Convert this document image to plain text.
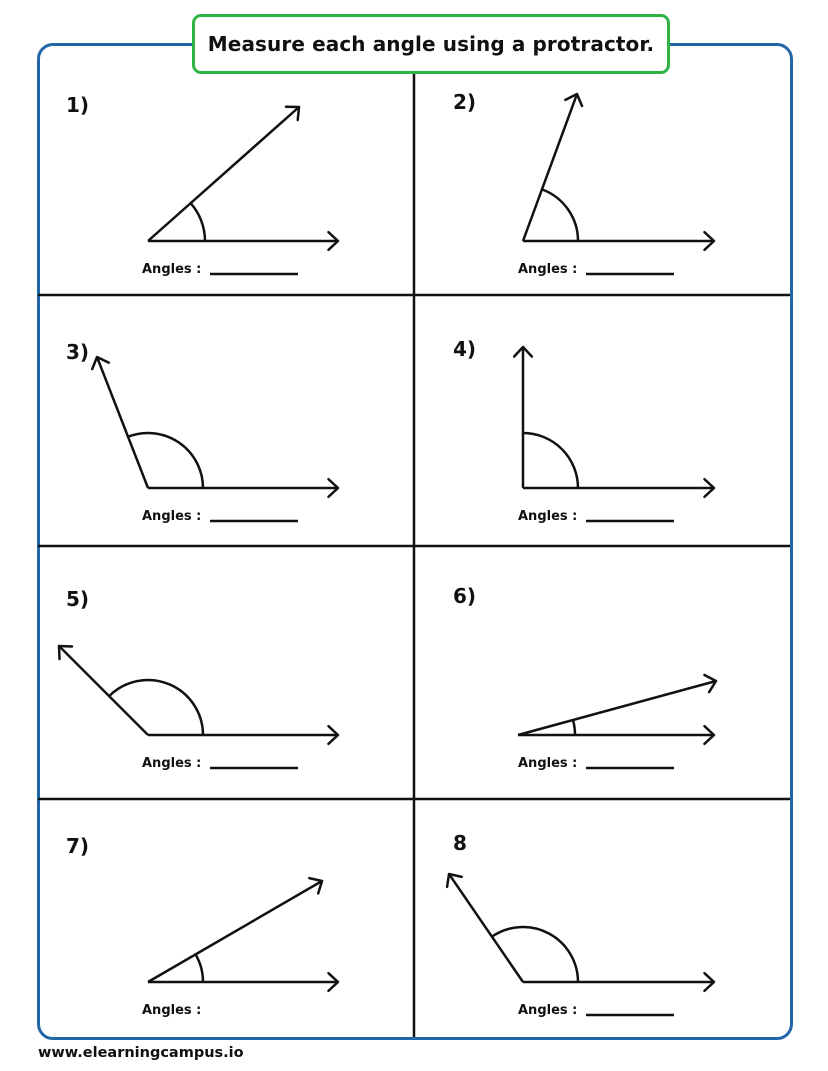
Measure each angle using a protractor.
1)
Angles :
2)
Angles :
3)
Angles :
4)
Angles :
5)
Angles :
6)
Angles :
7)
Angles :
8
Angles :
www.elearningcampus.io
